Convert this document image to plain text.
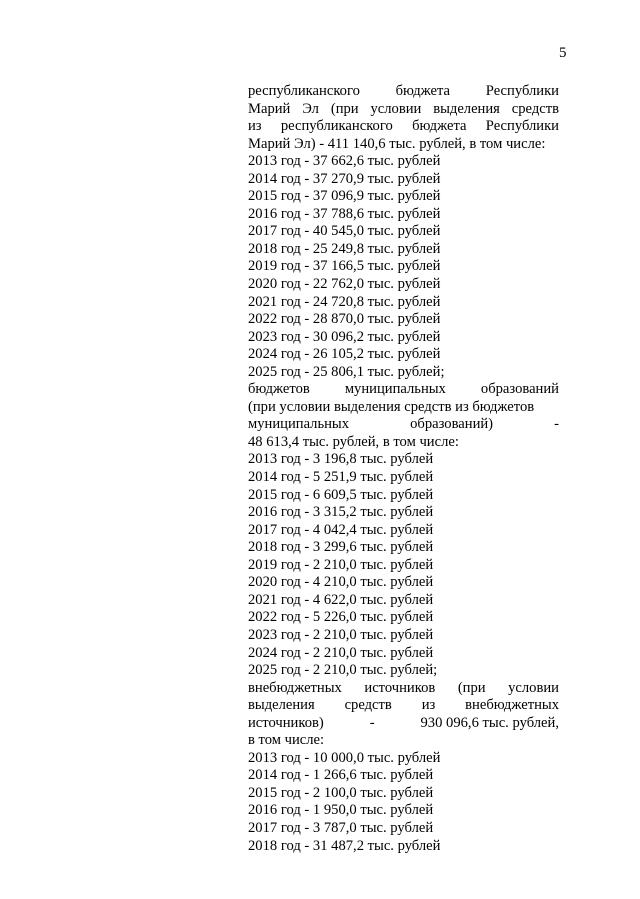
5
республиканского бюджета Республики
Марий Эл (при условии выделения средств
из республиканского бюджета Республики
Марий Эл) - 411 140,6 тыс. рублей, в том числе:
2013 год - 37 662,6 тыс. рублей
2014 год - 37 270,9 тыс. рублей
2015 год - 37 096,9 тыс. рублей
2016 год - 37 788,6 тыс. рублей
2017 год - 40 545,0 тыс. рублей
2018 год - 25 249,8 тыс. рублей
2019 год - 37 166,5 тыс. рублей
2020 год - 22 762,0 тыс. рублей
2021 год - 24 720,8 тыс. рублей
2022 год - 28 870,0 тыс. рублей
2023 год - 30 096,2 тыс. рублей
2024 год - 26 105,2 тыс. рублей
2025 год - 25 806,1 тыс. рублей;
бюджетов муниципальных образований
(при условии выделения средств из бюджетов
муниципальных	образований)	-
48 613,4 тыс. рублей, в том числе:
2013 год - 3 196,8 тыс. рублей
2014 год - 5 251,9 тыс. рублей
2015 год - 6 609,5 тыс. рублей
2016 год - 3 315,2 тыс. рублей
2017 год - 4 042,4 тыс. рублей
2018 год - 3 299,6 тыс. рублей
2019 год - 2 210,0 тыс. рублей
2020 год - 4 210,0 тыс. рублей
2021 год - 4 622,0 тыс. рублей
2022 год - 5 226,0 тыс. рублей
2023 год - 2 210,0 тыс. рублей
2024 год - 2 210,0 тыс. рублей
2025 год - 2 210,0 тыс. рублей;
внебюджетных источников (при условии
выделения средств из внебюджетных
источников)	-	930 096,6 тыс. рублей,
в том числе:
2013 год - 10 000,0 тыс. рублей
2014 год - 1 266,6 тыс. рублей
2015 год - 2 100,0 тыс. рублей
2016 год - 1 950,0 тыс. рублей
2017 год - 3 787,0 тыс. рублей
2018 год - 31 487,2 тыс. рублей
